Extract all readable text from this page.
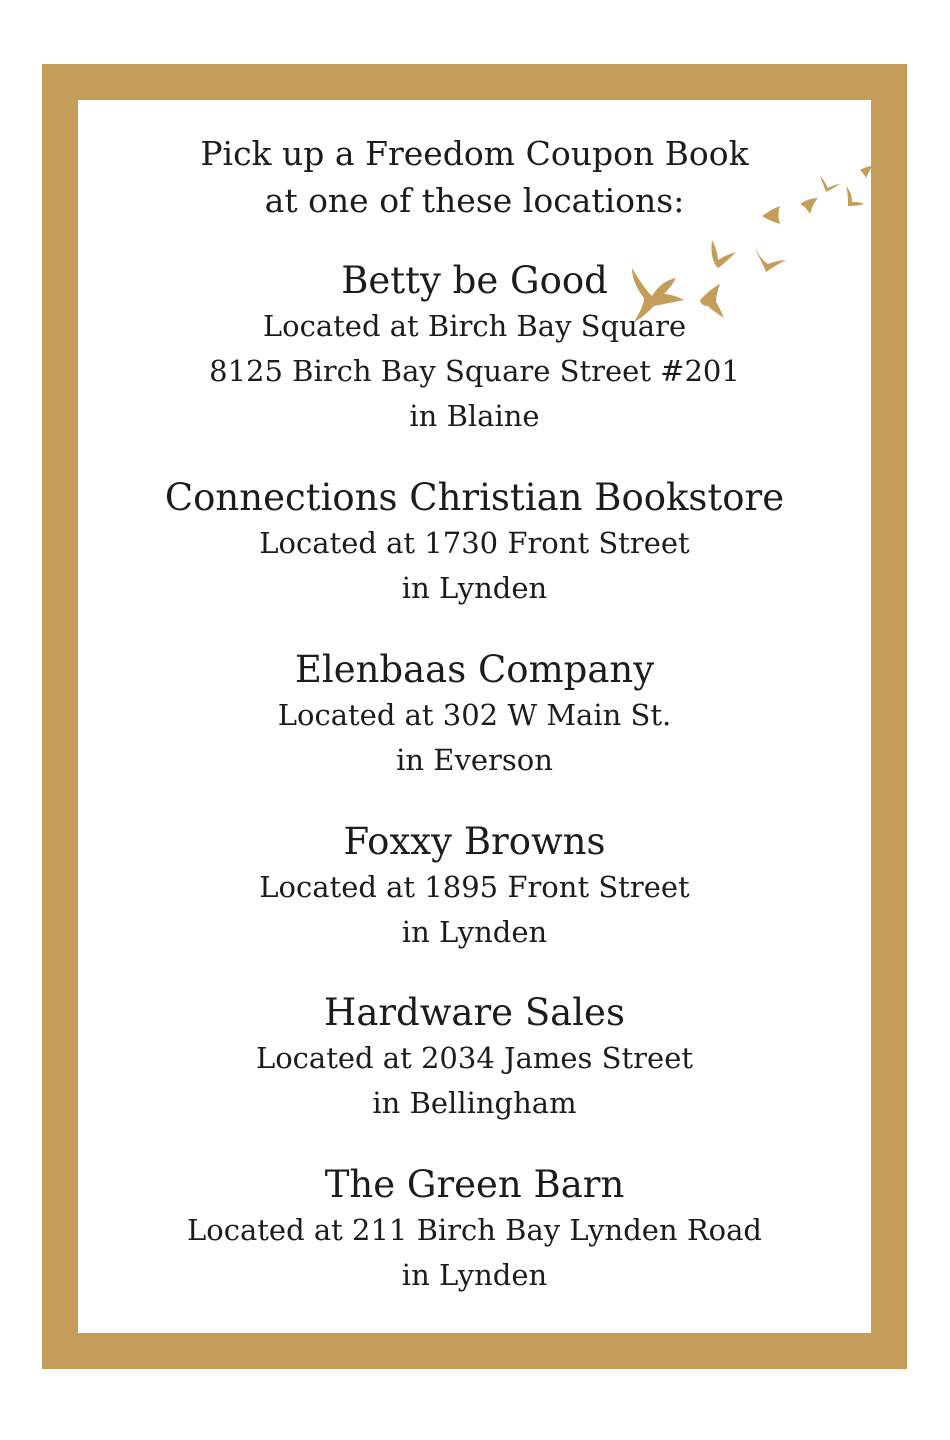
Pick up a Freedom Coupon Book
at one of these locations:
Betty be Good
Located at Birch Bay Square
8125 Birch Bay Square Street #201
in Blaine
Connections Christian Bookstore
Located at 1730 Front Street
in Lynden
Elenbaas Company
Located at 302 W Main St.
in Everson
Foxxy Browns
Located at 1895 Front Street
in Lynden
Hardware Sales
Located at 2034 James Street
in Bellingham
The Green Barn
Located at 211 Birch Bay Lynden Road
in Lynden
